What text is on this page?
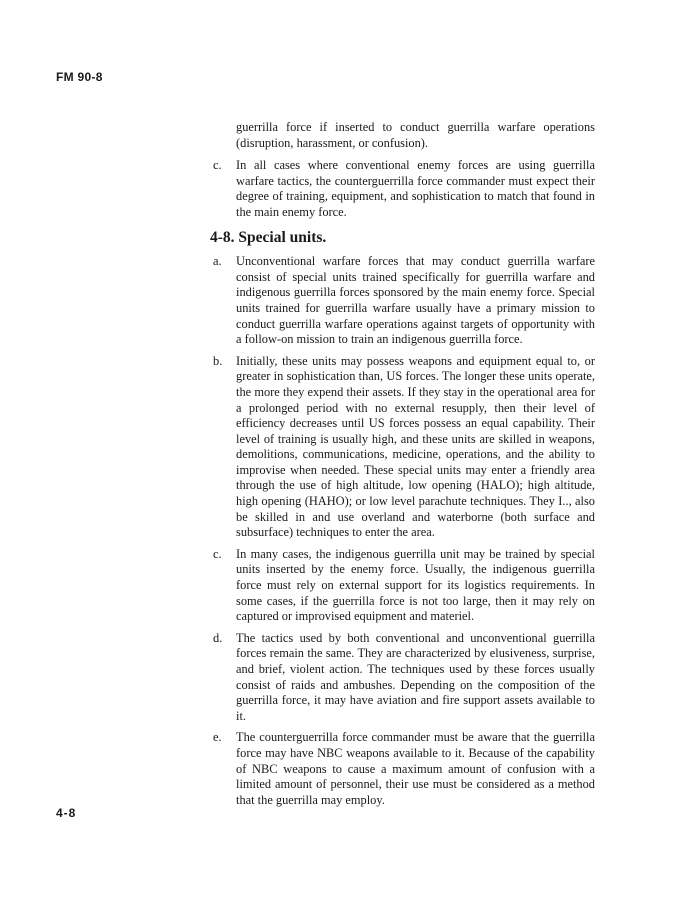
FM 90-8
guerrilla force if inserted to conduct guerrilla warfare operations (disruption, harassment, or confusion).
c. In all cases where conventional enemy forces are using guerrilla warfare tactics, the counterguerrilla force commander must expect their degree of training, equipment, and sophistication to match that found in the main enemy force.
4-8. Special units.
a. Unconventional warfare forces that may conduct guerrilla warfare consist of special units trained specifically for guerrilla warfare and indigenous guerrilla forces sponsored by the main enemy force. Special units trained for guerrilla warfare usually have a primary mission to conduct guerrilla warfare operations against targets of opportunity with a follow-on mission to train an indigenous guerrilla force.
b. Initially, these units may possess weapons and equipment equal to, or greater in sophistication than, US forces. The longer these units operate, the more they expend their assets. If they stay in the operational area for a prolonged period with no external resupply, then their level of efficiency decreases until US forces possess an equal capability. Their level of training is usually high, and these units are skilled in weapons, demolitions, communications, medicine, operations, and the ability to improvise when needed. These special units may enter a friendly area through the use of high altitude, low opening (HALO); high altitude, high opening (HAHO); or low level parachute techniques. They I.., also be skilled in and use overland and waterborne (both surface and subsurface) techniques to enter the area.
c. In many cases, the indigenous guerrilla unit may be trained by special units inserted by the enemy force. Usually, the indigenous guerrilla force must rely on external support for its logistics requirements. In some cases, if the guerrilla force is not too large, then it may rely on captured or improvised equipment and materiel.
d. The tactics used by both conventional and unconventional guerrilla forces remain the same. They are characterized by elusiveness, surprise, and brief, violent action. The techniques used by these forces usually consist of raids and ambushes. Depending on the composition of the guerrilla force, it may have aviation and fire support assets available to it.
e. The counterguerrilla force commander must be aware that the guerrilla force may have NBC weapons available to it. Because of the capability of NBC weapons to cause a maximum amount of confusion with a limited amount of personnel, their use must be considered as a method that the guerrilla may employ.
4-8
